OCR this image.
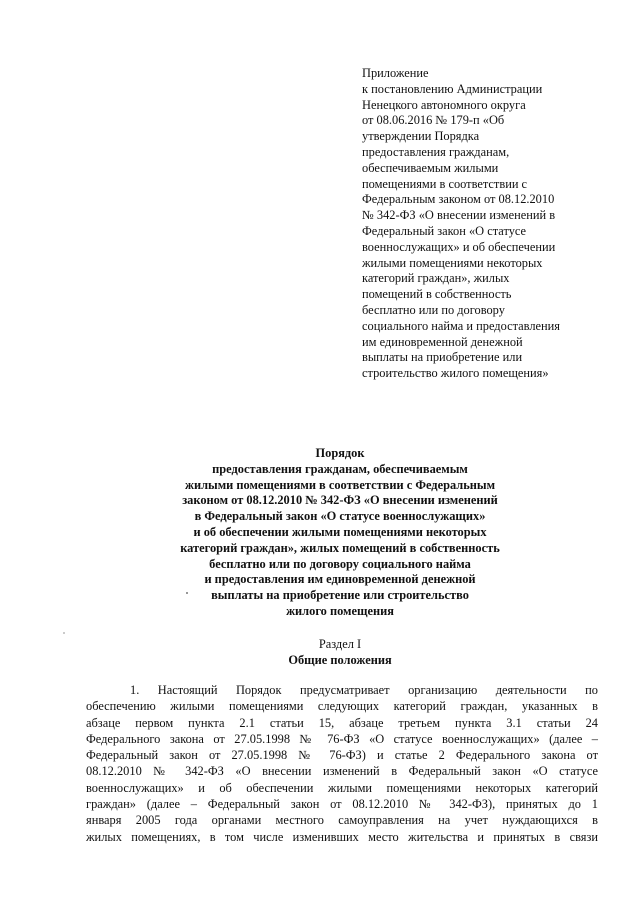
Приложение
к постановлению Администрации
Ненецкого автономного округа
от 08.06.2016 № 179-п «Об
утверждении Порядка
предоставления гражданам,
обеспечиваемым жилыми
помещениями в соответствии с
Федеральным законом от 08.12.2010
№ 342-ФЗ «О внесении изменений в
Федеральный закон «О статусе
военнослужащих» и об обеспечении
жилыми помещениями некоторых
категорий граждан», жилых
помещений в собственность
бесплатно или по договору
социального найма и предоставления
им единовременной денежной
выплаты на приобретение или
строительство жилого помещения»
Порядок
предоставления гражданам, обеспечиваемым
жилыми помещениями в соответствии с Федеральным
законом от 08.12.2010 № 342-ФЗ «О внесении изменений
в Федеральный закон «О статусе военнослужащих»
и об обеспечении жилыми помещениями некоторых
категорий граждан», жилых помещений в собственность
бесплатно или по договору социального найма
и предоставления им единовременной денежной
выплаты на приобретение или строительство
жилого помещения
Раздел I
Общие положения
1. Настоящий Порядок предусматривает организацию деятельности по
обеспечению жилыми помещениями следующих категорий граждан, указанных в
абзаце первом пункта 2.1 статьи 15, абзаце третьем пункта 3.1 статьи 24
Федерального закона от 27.05.1998 № 76-ФЗ «О статусе военнослужащих» (далее –
Федеральный закон от 27.05.1998 № 76-ФЗ) и статье 2 Федерального закона от
08.12.2010 № 342-ФЗ «О внесении изменений в Федеральный закон «О статусе
военнослужащих» и об обеспечении жилыми помещениями некоторых категорий
граждан» (далее – Федеральный закон от 08.12.2010 № 342-ФЗ), принятых до 1
января 2005 года органами местного самоуправления на учет нуждающихся в
жилых помещениях, в том числе изменивших место жительства и принятых в связи
